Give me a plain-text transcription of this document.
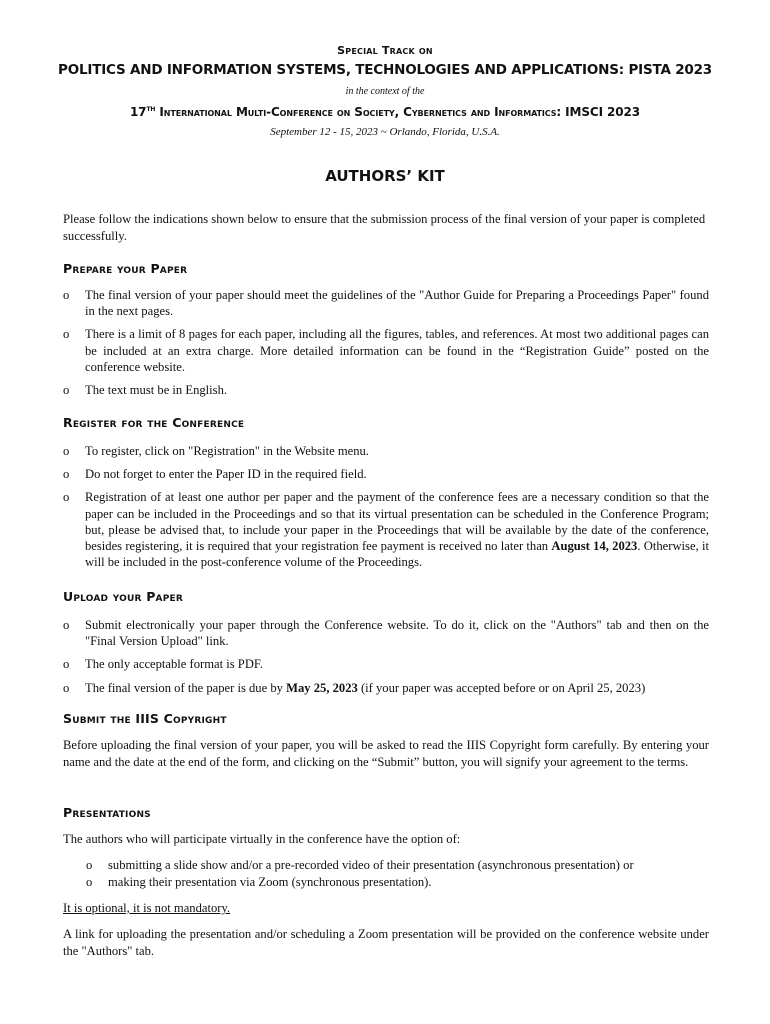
Special Track on
POLITICS AND INFORMATION SYSTEMS, TECHNOLOGIES AND APPLICATIONS: PISTA 2023
in the context of the
17th International Multi-Conference on Society, Cybernetics and Informatics: IMSCI 2023
September 12 - 15, 2023 ~ Orlando, Florida, U.S.A.
AUTHORS’ KIT
Please follow the indications shown below to ensure that the submission process of the final version of your paper is completed successfully.
Prepare your Paper
o The final version of your paper should meet the guidelines of the "Author Guide for Preparing a Proceedings Paper" found in the next pages.
o There is a limit of 8 pages for each paper, including all the figures, tables, and references. At most two additional pages can be included at an extra charge. More detailed information can be found in the “Registration Guide” posted on the conference website.
o The text must be in English.
Register for the Conference
o To register, click on "Registration" in the Website menu.
o Do not forget to enter the Paper ID in the required field.
o Registration of at least one author per paper and the payment of the conference fees are a necessary condition so that the paper can be included in the Proceedings and so that its virtual presentation can be scheduled in the Conference Program; but, please be advised that, to include your paper in the Proceedings that will be available by the date of the conference, besides registering, it is required that your registration fee payment is received no later than August 14, 2023. Otherwise, it will be included in the post-conference volume of the Proceedings.
Upload your Paper
o Submit electronically your paper through the Conference website. To do it, click on the "Authors" tab and then on the "Final Version Upload" link.
o The only acceptable format is PDF.
o The final version of the paper is due by May 25, 2023 (if your paper was accepted before or on April 25, 2023)
Submit the IIIS Copyright
Before uploading the final version of your paper, you will be asked to read the IIIS Copyright form carefully. By entering your name and the date at the end of the form, and clicking on the “Submit” button, you will signify your agreement to the terms.
Presentations
The authors who will participate virtually in the conference have the option of:
o submitting a slide show and/or a pre-recorded video of their presentation (asynchronous presentation) or
o making their presentation via Zoom (synchronous presentation).
It is optional, it is not mandatory.
A link for uploading the presentation and/or scheduling a Zoom presentation will be provided on the conference website under the "Authors" tab.
